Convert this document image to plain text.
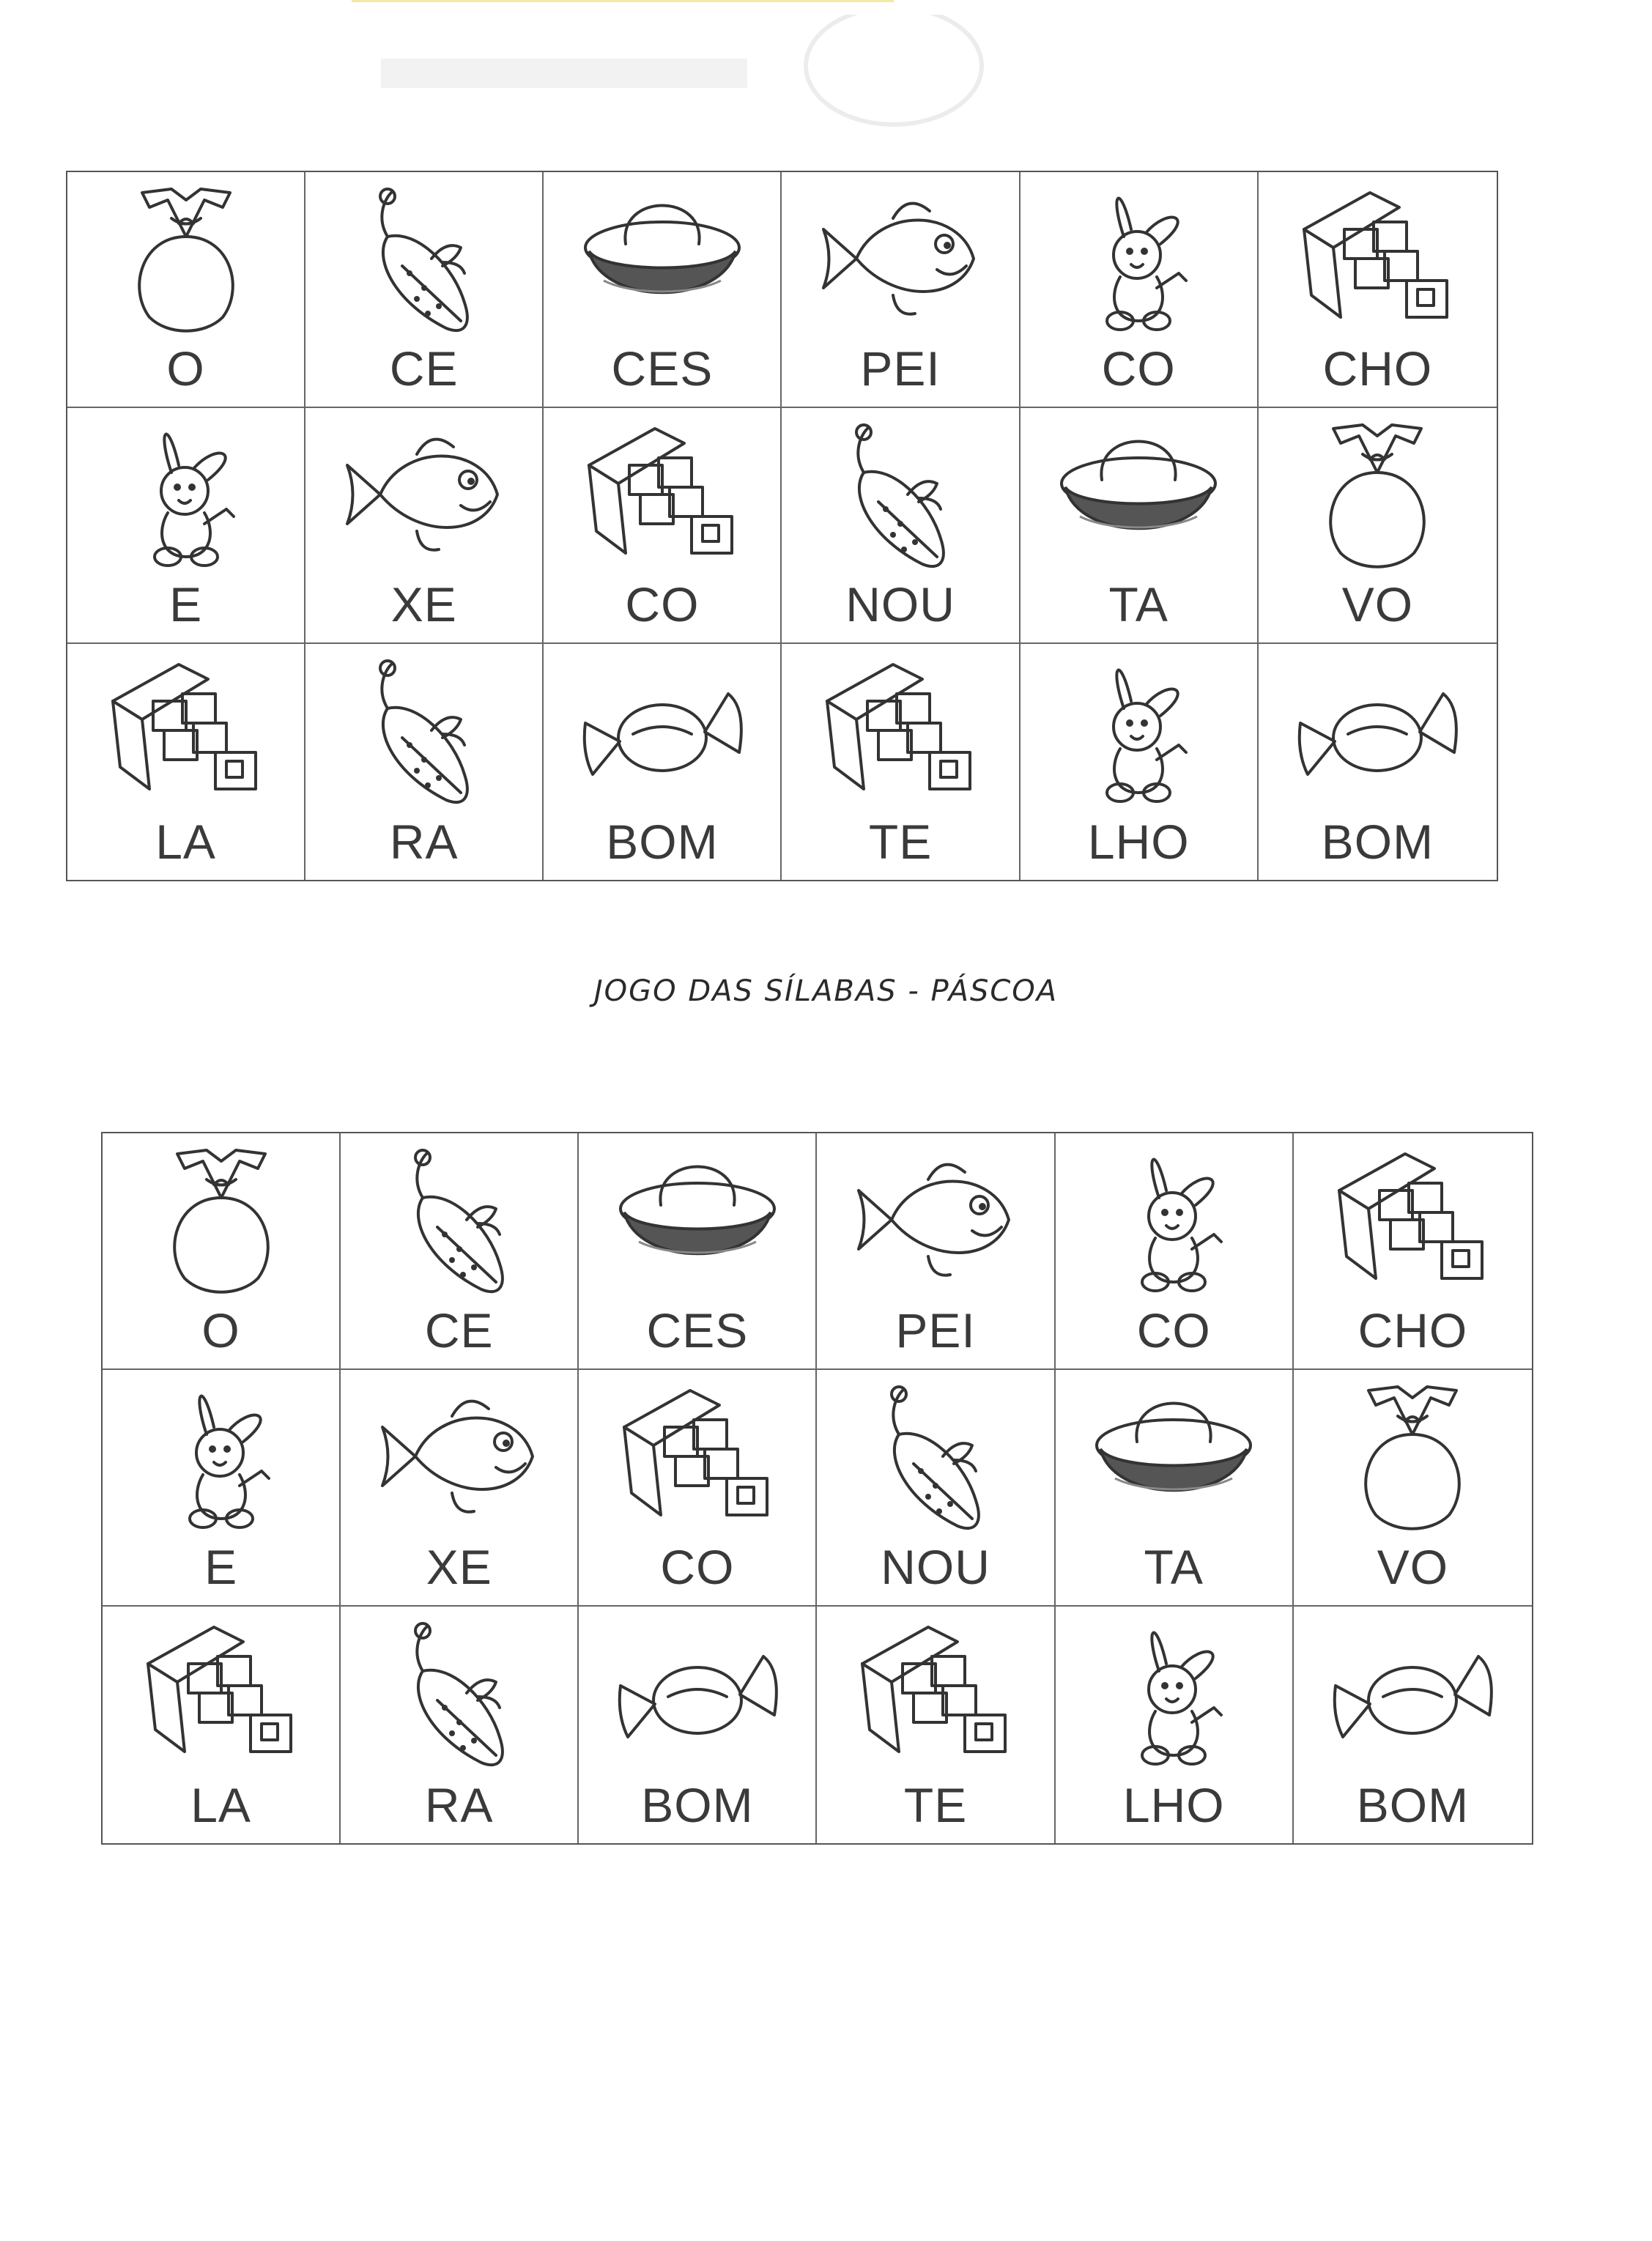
O	CE	CES	PEI	CO	CHO
E	XE	CO	NOU	TA	VO
LA	RA	BOM	TE	LHO	BOM
JOGO DAS SÍLABAS - PÁSCOA
O	CE	CES	PEI	CO	CHO
E	XE	CO	NOU	TA	VO
LA	RA	BOM	TE	LHO	BOM
